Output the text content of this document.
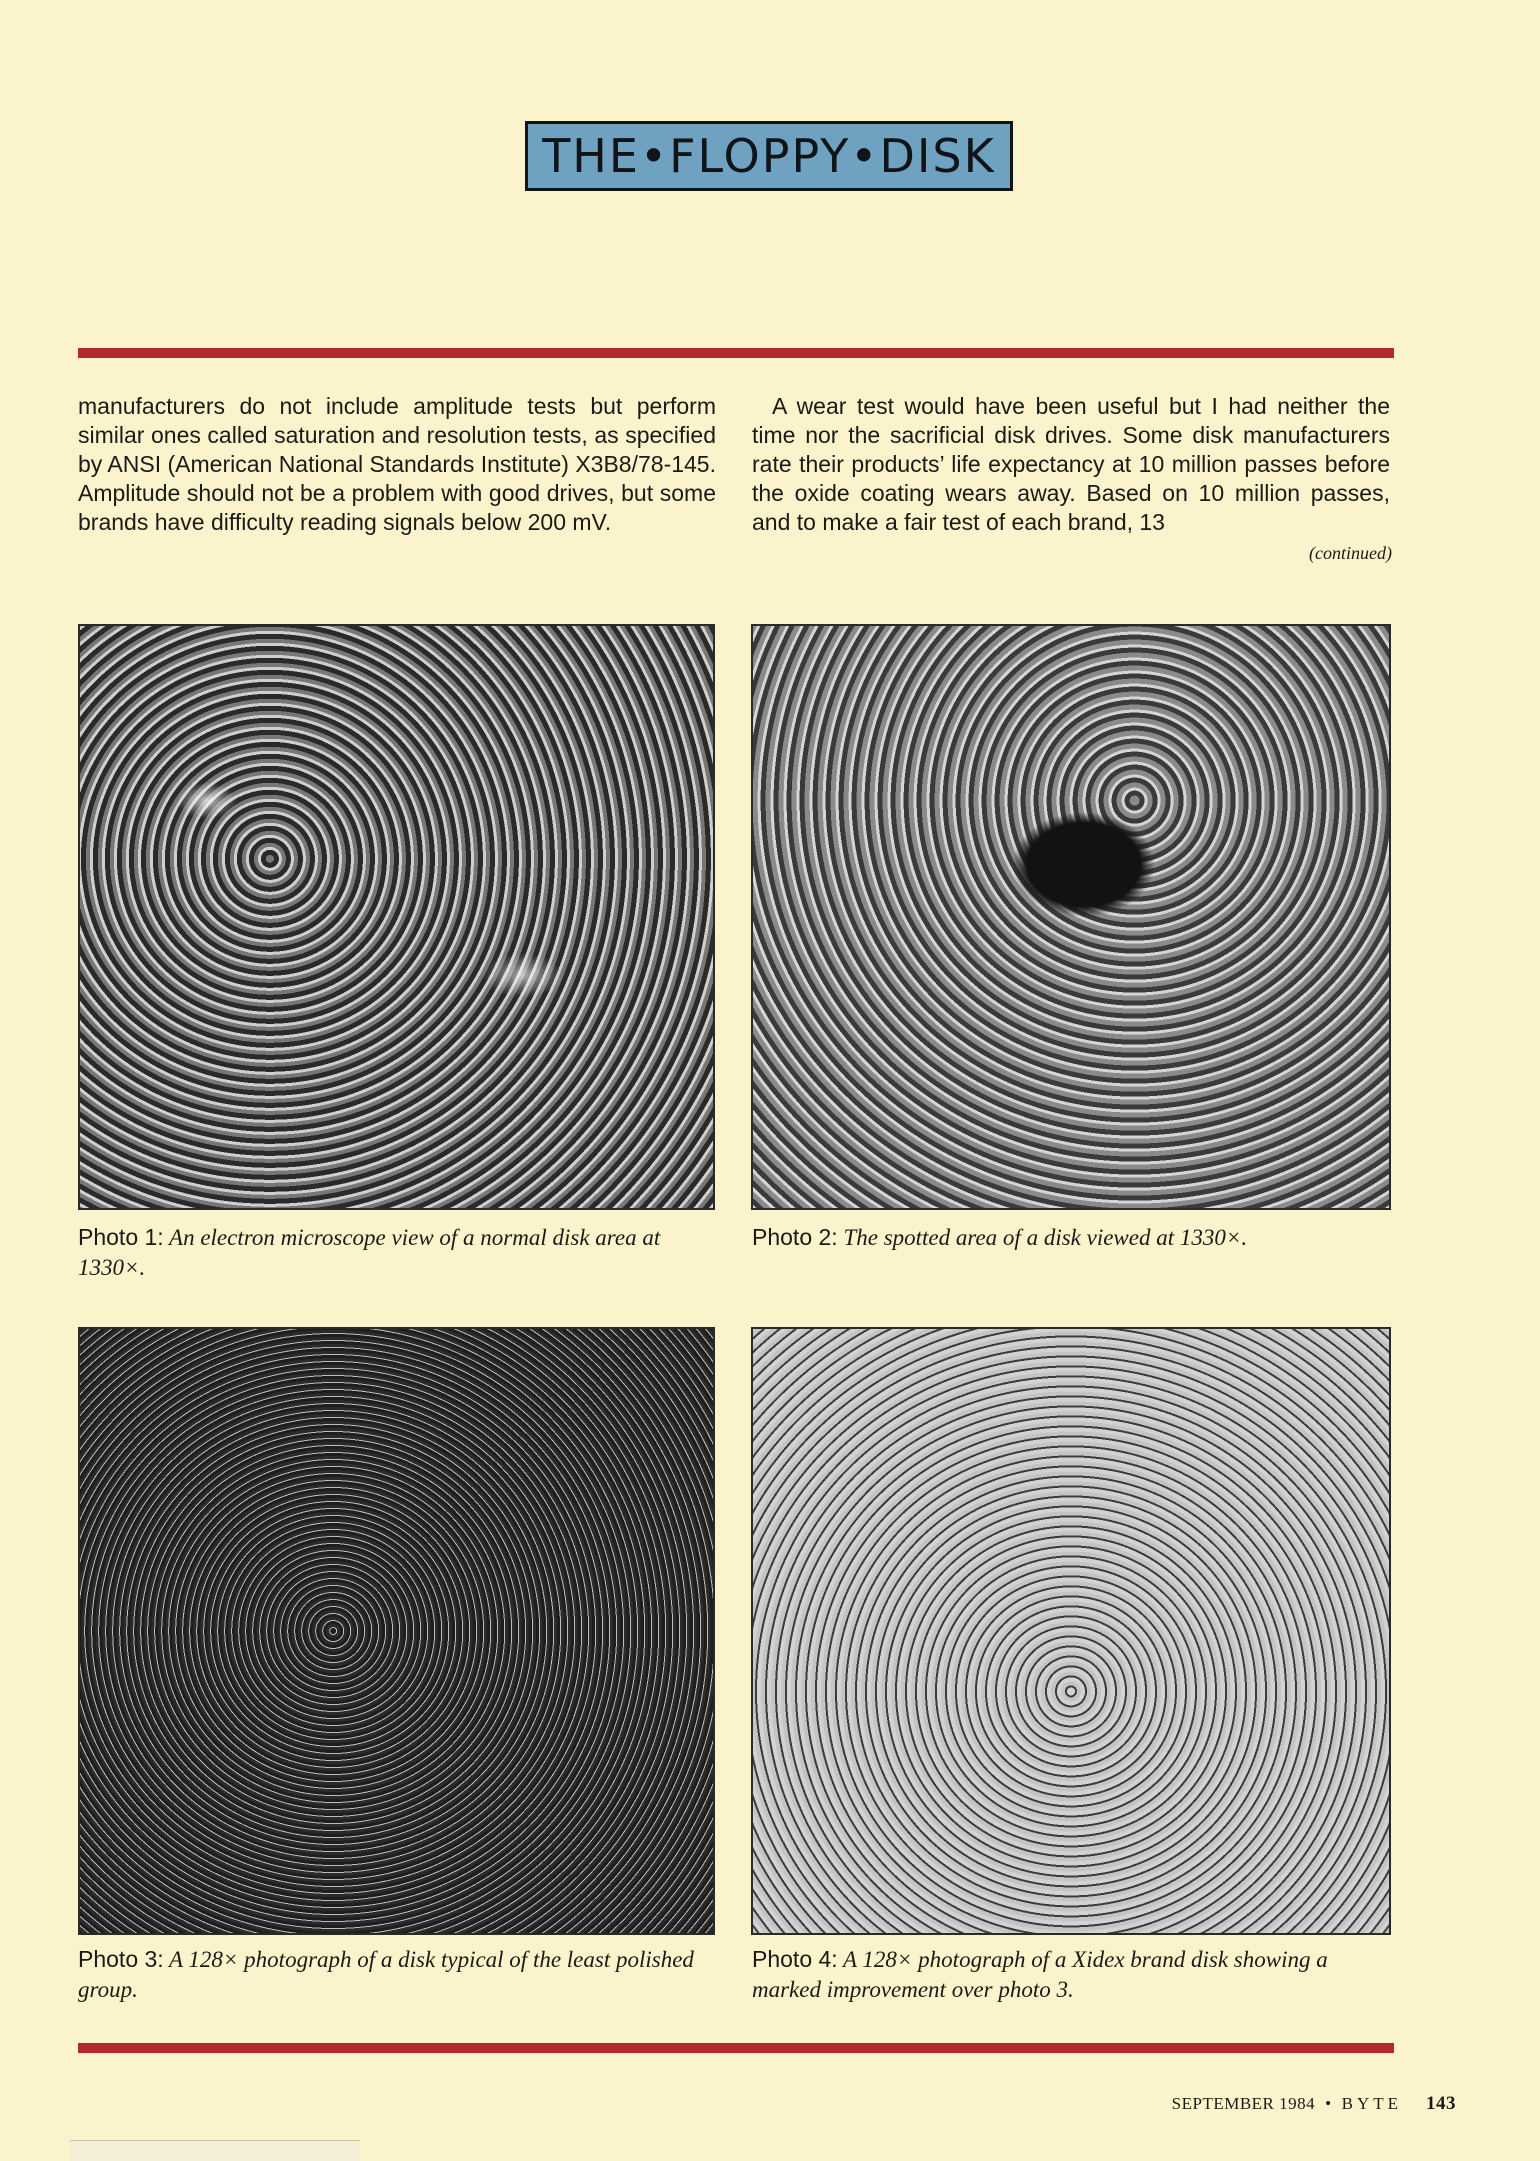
THE•FLOPPY•DISK

manufacturers do not include amplitude tests but perform similar ones called saturation and resolution tests, as specified by ANSI (American National Standards Institute) X3B8/78-145. Amplitude should not be a problem with good drives, but some brands have difficulty reading signals below 200 mV.

A wear test would have been useful but I had neither the time nor the sacrificial disk drives. Some disk manufacturers rate their products’ life expectancy at 10 million passes before the oxide coating wears away. Based on 10 million passes, and to make a fair test of each brand, 13

(continued)
Photo 1: An electron microscope view of a normal disk area at 1330×.
Photo 2: The spotted area of a disk viewed at 1330×.
Photo 3: A 128× photograph of a disk typical of the least polished group.
Photo 4: A 128× photograph of a Xidex brand disk showing a marked improvement over photo 3.
SEPTEMBER 1984 • BYTE 143
